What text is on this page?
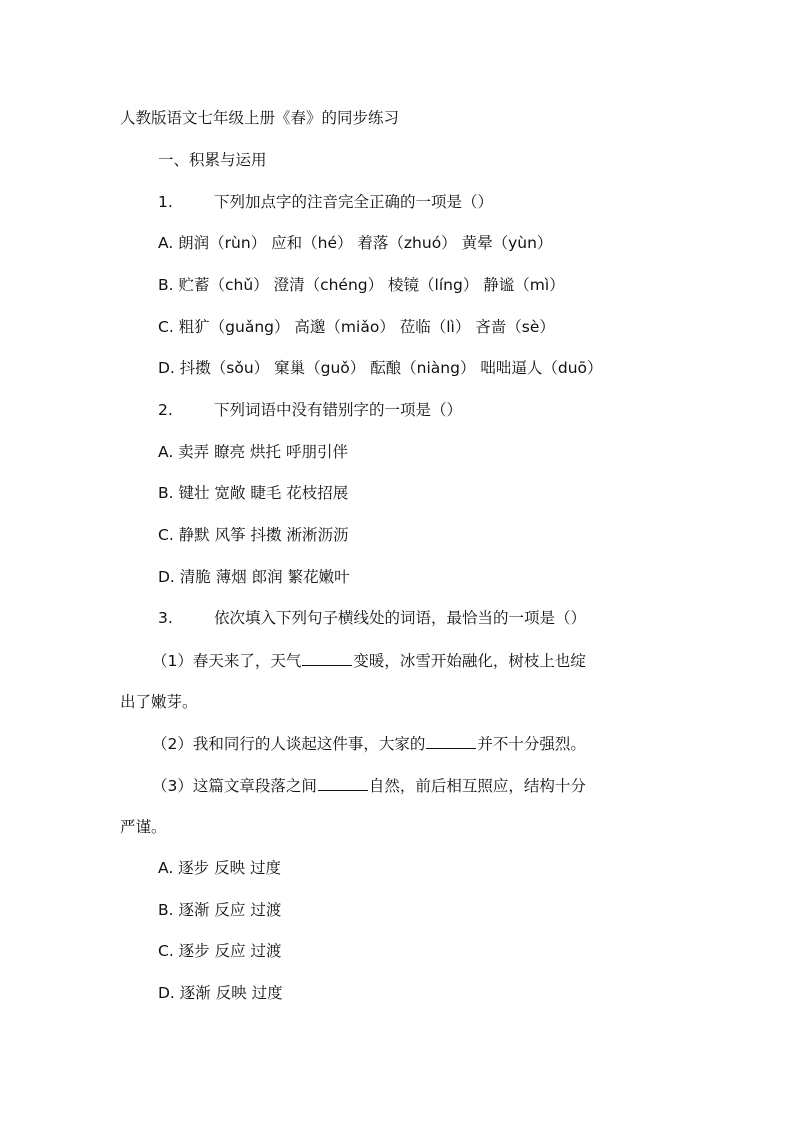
人教版语文七年级上册《春》的同步练习
一、积累与运用
1.	下列加点字的注音完全正确的一项是（）
A. 朗润（rùn） 应和（hé） 着落（zhuó） 黄晕（yùn）
B. 贮蓄（chǔ） 澄清（chéng） 棱镜（líng） 静谧（mì）
C. 粗犷（guǎng） 高邈（miǎo） 莅临（lì） 吝啬（sè）
D. 抖擞（sǒu） 窠巢（guǒ） 酝酿（niàng） 咄咄逼人（duō）
2.	下列词语中没有错别字的一项是（）
A. 卖弄 瞭亮 烘托 呼朋引伴
B. 键壮 宽敞 睫毛 花枝招展
C. 静默 风筝 抖擞 淅淅沥沥
D. 清脆 薄烟 郎润 繁花嫩叶
3.	依次填入下列句子横线处的词语，最恰当的一项是（）
（1）春天来了，天气	变暖，冰雪开始融化，树枝上也绽
出了嫩芽。
（2）我和同行的人谈起这件事，大家的	并不十分强烈。
（3）这篇文章段落之间	自然，前后相互照应，结构十分
严谨。
A. 逐步 反映 过度
B. 逐渐 反应 过渡
C. 逐步 反应 过渡
D. 逐渐 反映 过度
